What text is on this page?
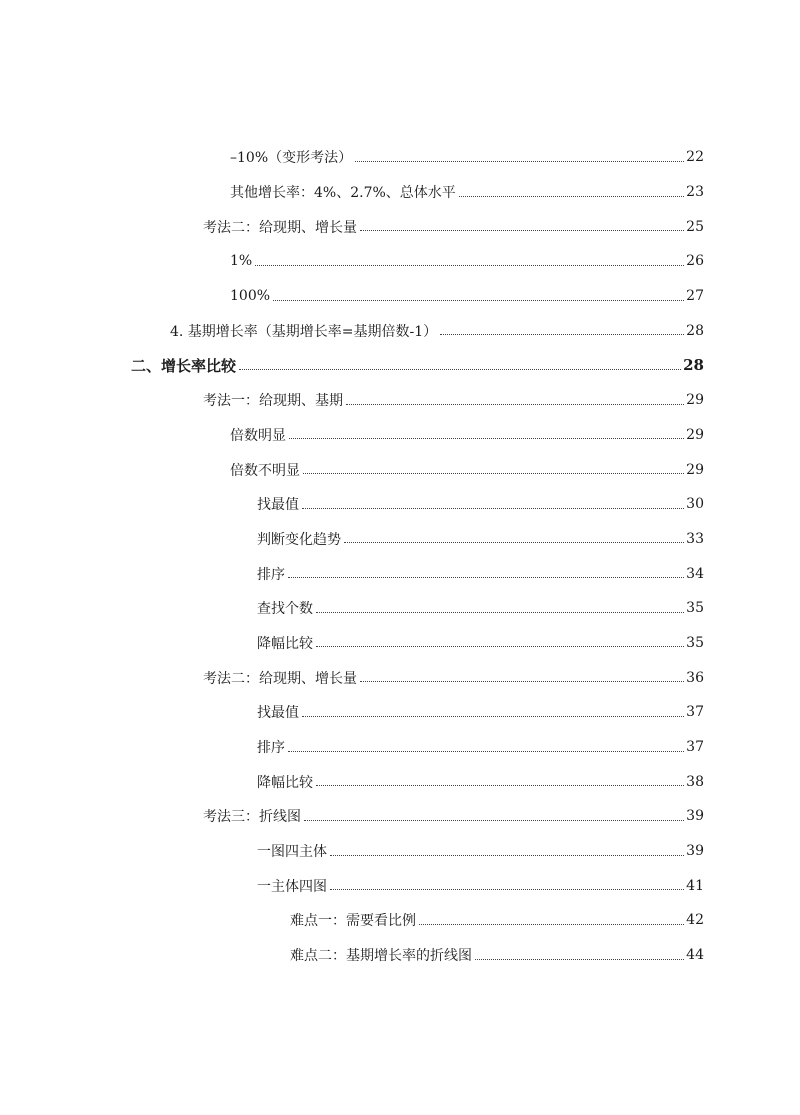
–10%（变形考法）	22
其他增长率：4%、2.7%、总体水平	23
考法二：给现期、增长量	25
1%	26
100%	27
4. 基期增长率（基期增长率=基期倍数-1）	28
二、增长率比较	28
考法一：给现期、基期	29
倍数明显	29
倍数不明显	29
找最值	30
判断变化趋势	33
排序	34
查找个数	35
降幅比较	35
考法二：给现期、增长量	36
找最值	37
排序	37
降幅比较	38
考法三：折线图	39
一图四主体	39
一主体四图	41
难点一：需要看比例	42
难点二：基期增长率的折线图	44
